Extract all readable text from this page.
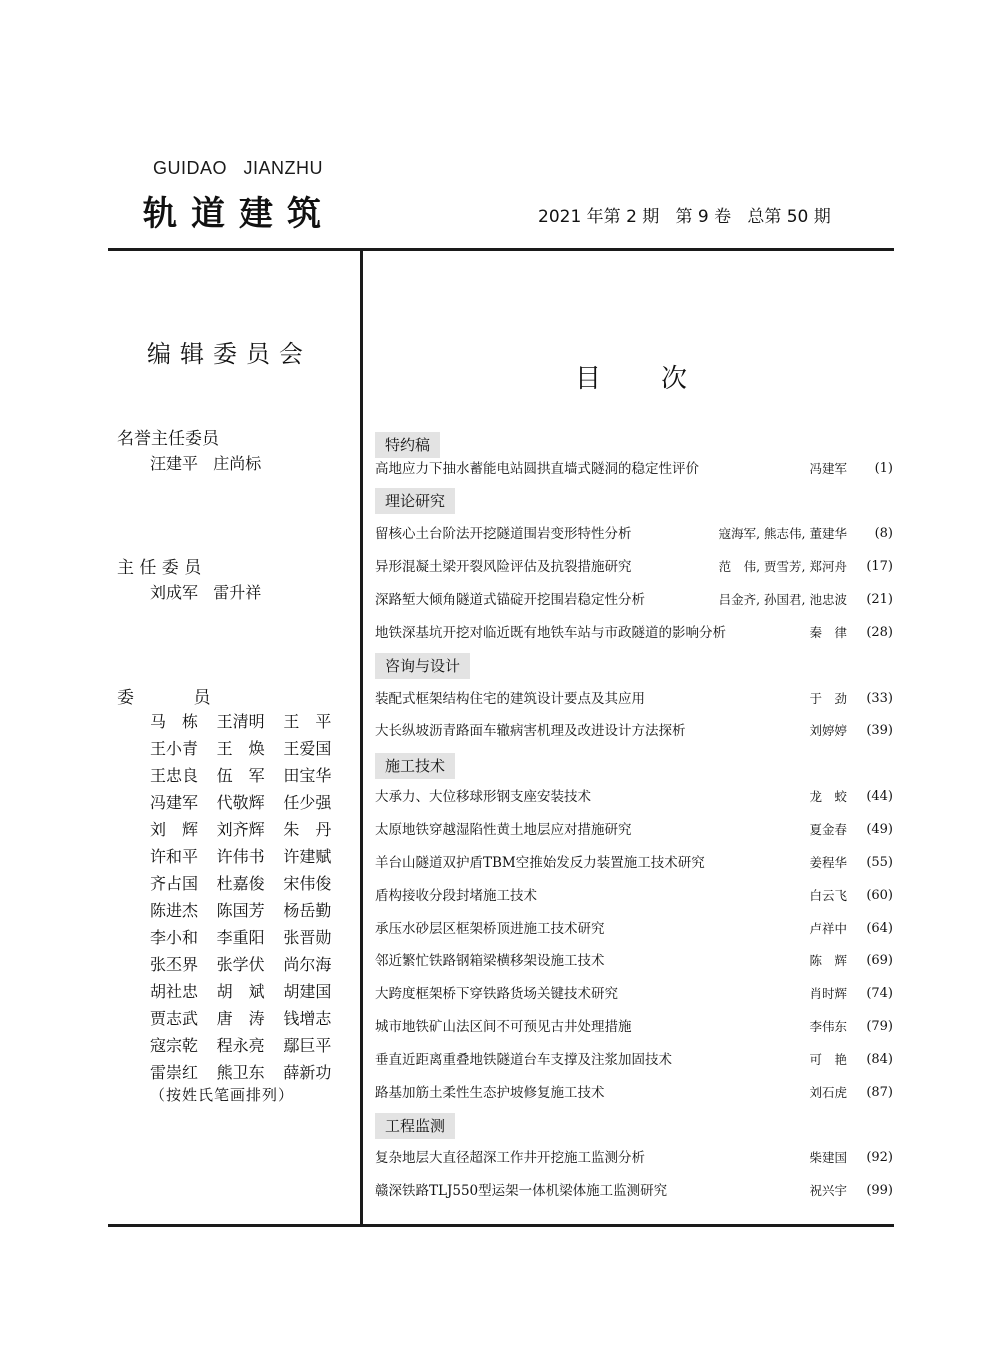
GUIDAO   JIANZHU
轨道建筑	2021 年第 2 期   第 9 卷   总第 50 期
编辑委员会
名誉主任委员
汪建平   庄尚标
主 任 委 员
刘成军   雷升祥
委           员
马　栋	王清明	王　平
王小青	王　焕	王爱国
王忠良	伍　军	田宝华
冯建军	代敬辉	任少强
刘　辉	刘齐辉	朱　丹
许和平	许伟书	许建赋
齐占国	杜嘉俊	宋伟俊
陈进杰	陈国芳	杨岳勤
李小和	李重阳	张晋勋
张丕界	张学伏	尚尔海
胡社忠	胡　斌	胡建国
贾志武	唐　涛	钱增志
寇宗乾	程永亮	鄢巨平
雷崇红	熊卫东	薛新功
（按姓氏笔画排列）
目 次
特约稿
高地应力下抽水蓄能电站圆拱直墙式隧洞的稳定性评价	冯建军	(1)
理论研究
留核心土台阶法开挖隧道围岩变形特性分析	寇海军, 熊志伟, 董建华	(8)
异形混凝土梁开裂风险评估及抗裂措施研究	范　伟, 贾雪芳, 郑河舟	(17)
深路堑大倾角隧道式锚碇开挖围岩稳定性分析	吕金齐, 孙国君, 池忠波	(21)
地铁深基坑开挖对临近既有地铁车站与市政隧道的影响分析	秦　律	(28)
咨询与设计
装配式框架结构住宅的建筑设计要点及其应用	于　劲	(33)
大长纵坡沥青路面车辙病害机理及改进设计方法探析	刘婷婷	(39)
施工技术
大承力、大位移球形钢支座安装技术	龙　蛟	(44)
太原地铁穿越湿陷性黄土地层应对措施研究	夏金春	(49)
羊台山隧道双护盾TBM空推始发反力装置施工技术研究	姜程华	(55)
盾构接收分段封堵施工技术	白云飞	(60)
承压水砂层区框架桥顶进施工技术研究	卢祥中	(64)
邻近繁忙铁路钢箱梁横移架设施工技术	陈　辉	(69)
大跨度框架桥下穿铁路货场关键技术研究	肖时辉	(74)
城市地铁矿山法区间不可预见古井处理措施	李伟东	(79)
垂直近距离重叠地铁隧道台车支撑及注浆加固技术	可　艳	(84)
路基加筋土柔性生态护坡修复施工技术	刘石虎	(87)
工程监测
复杂地层大直径超深工作井开挖施工监测分析	柴建国	(92)
赣深铁路TLJ550型运架一体机梁体施工监测研究	祝兴宇	(99)
